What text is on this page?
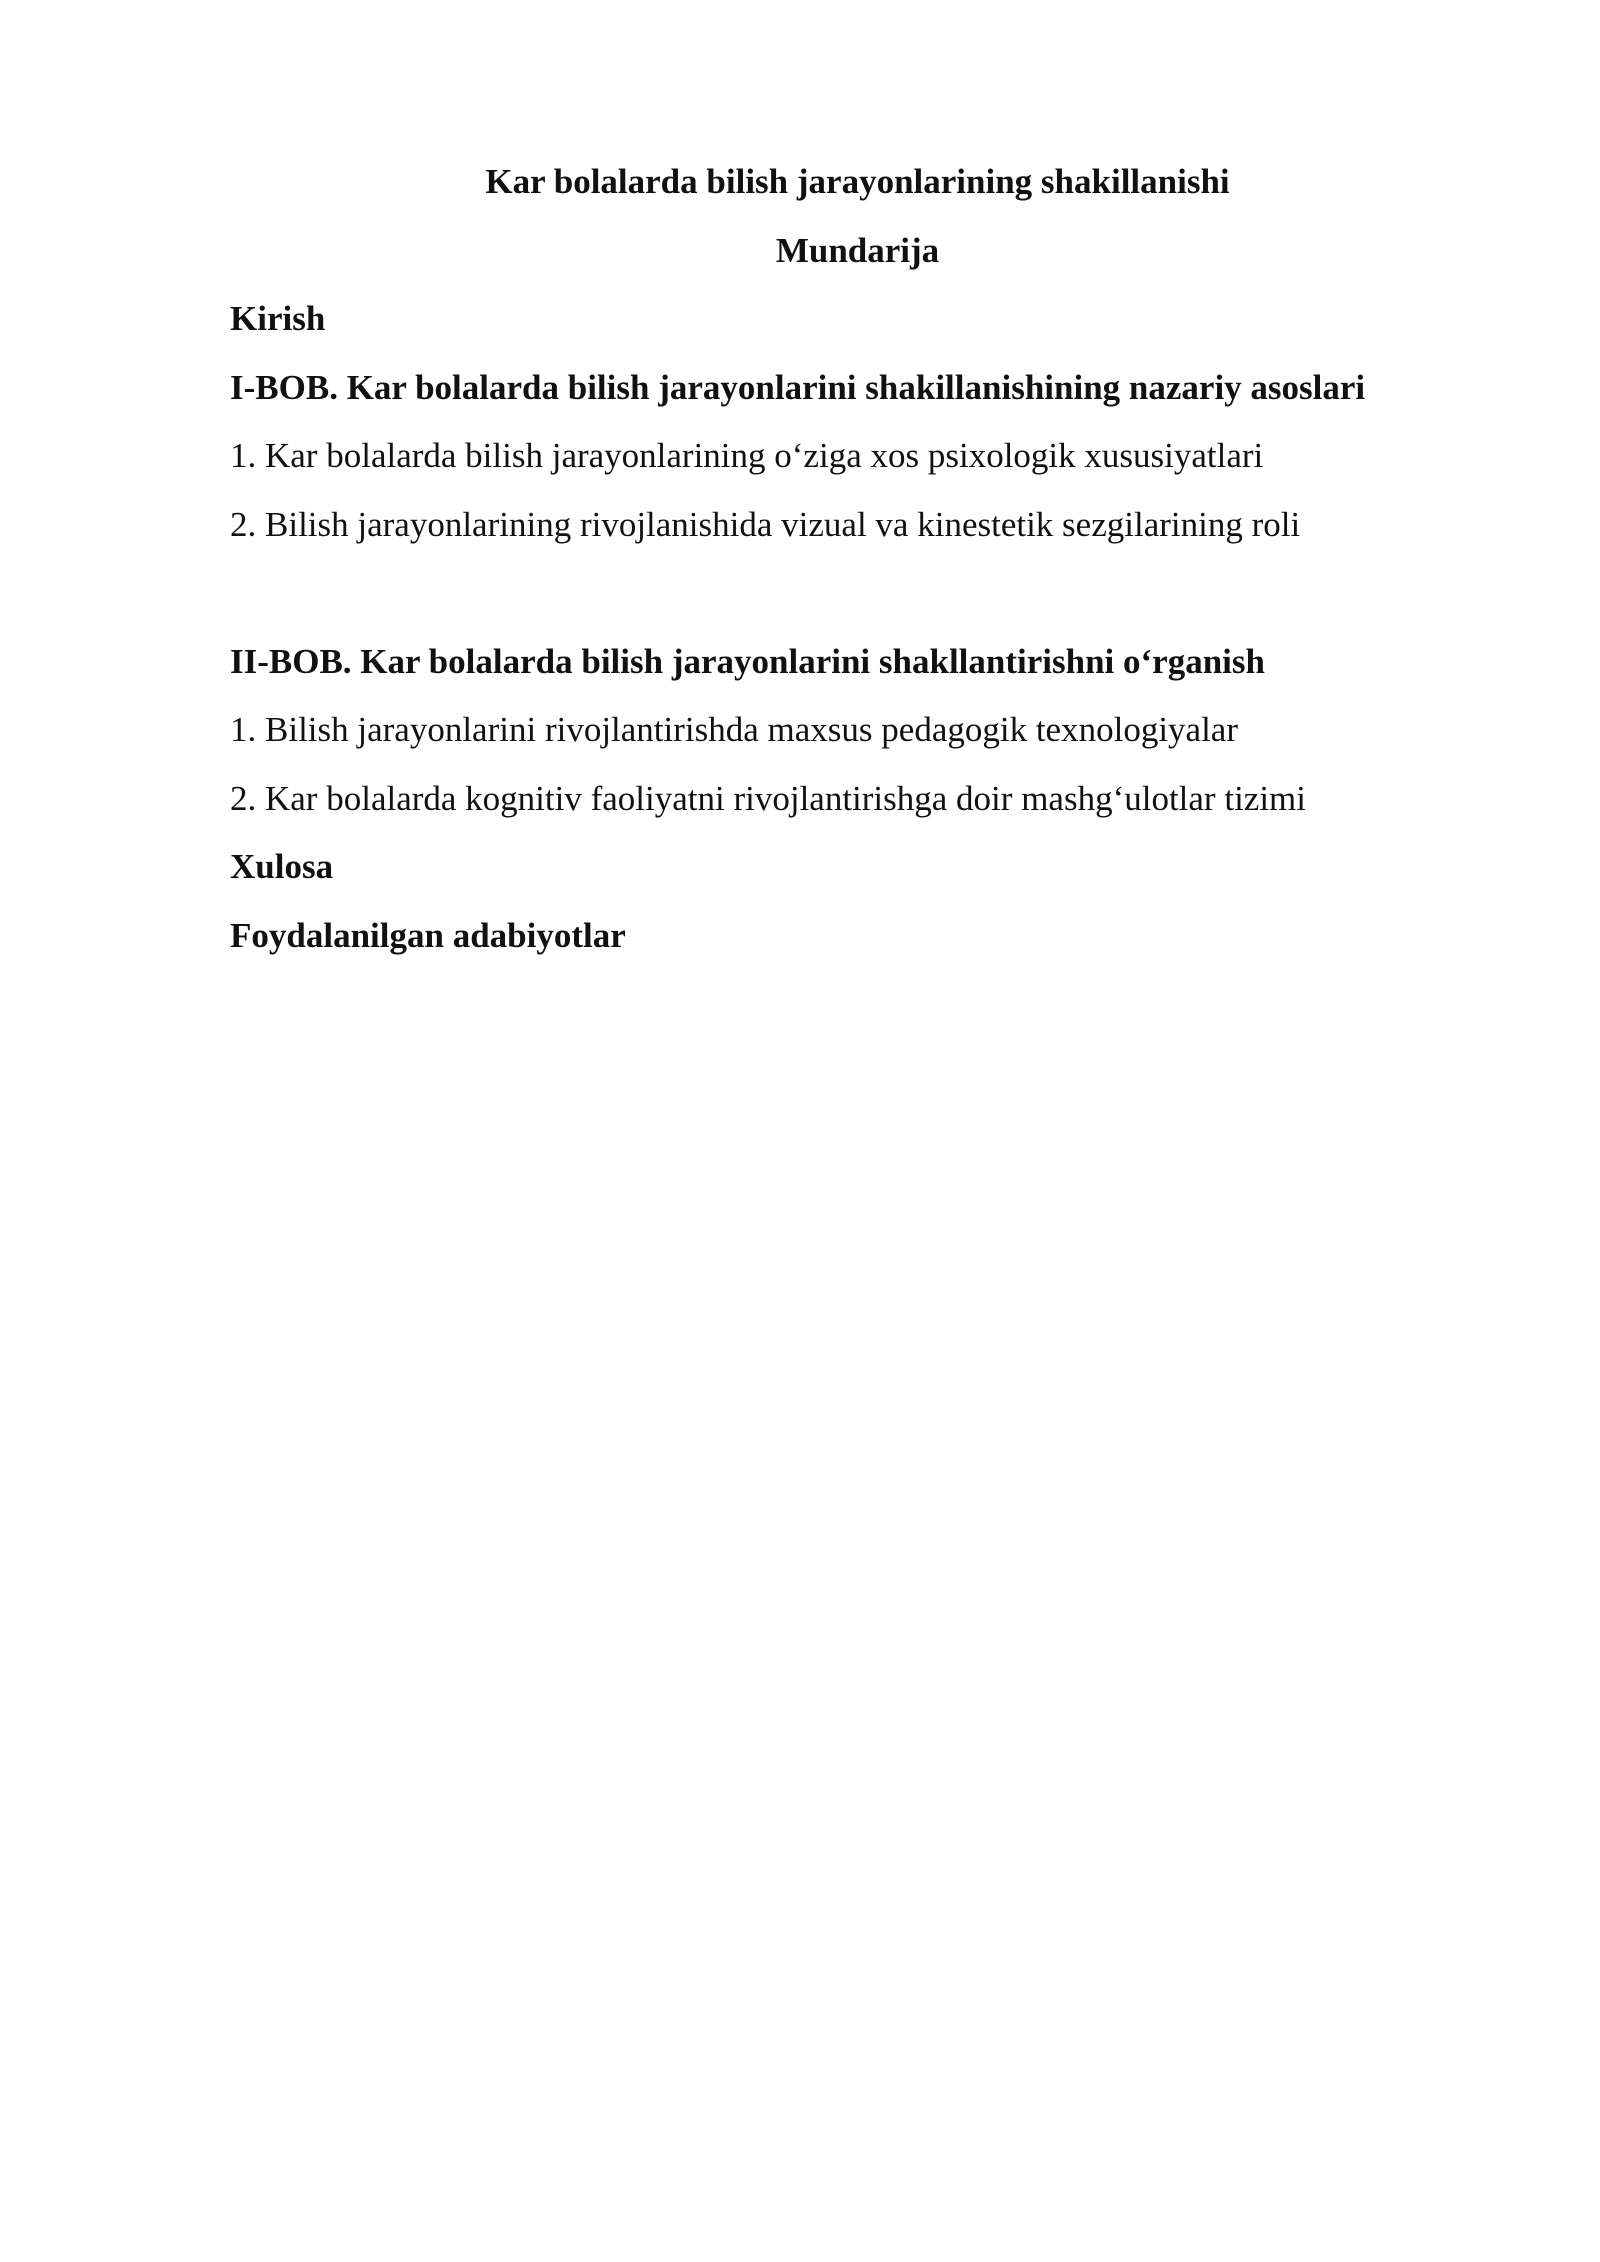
Kar bolalarda bilish jarayonlarining shakillanishi
Mundarija
Kirish
I-BOB. Kar bolalarda bilish jarayonlarini shakillanishining nazariy asoslari
1. Kar bolalarda bilish jarayonlarining o‘ziga xos psixologik xususiyatlari
2. Bilish jarayonlarining rivojlanishida vizual va kinestetik sezgilarining roli
II-BOB. Kar bolalarda bilish jarayonlarini shakllantirishni o‘rganish
1. Bilish jarayonlarini rivojlantirishda maxsus pedagogik texnologiyalar
2. Kar bolalarda kognitiv faoliyatni rivojlantirishga doir mashg‘ulotlar tizimi
Xulosa
Foydalanilgan adabiyotlar
